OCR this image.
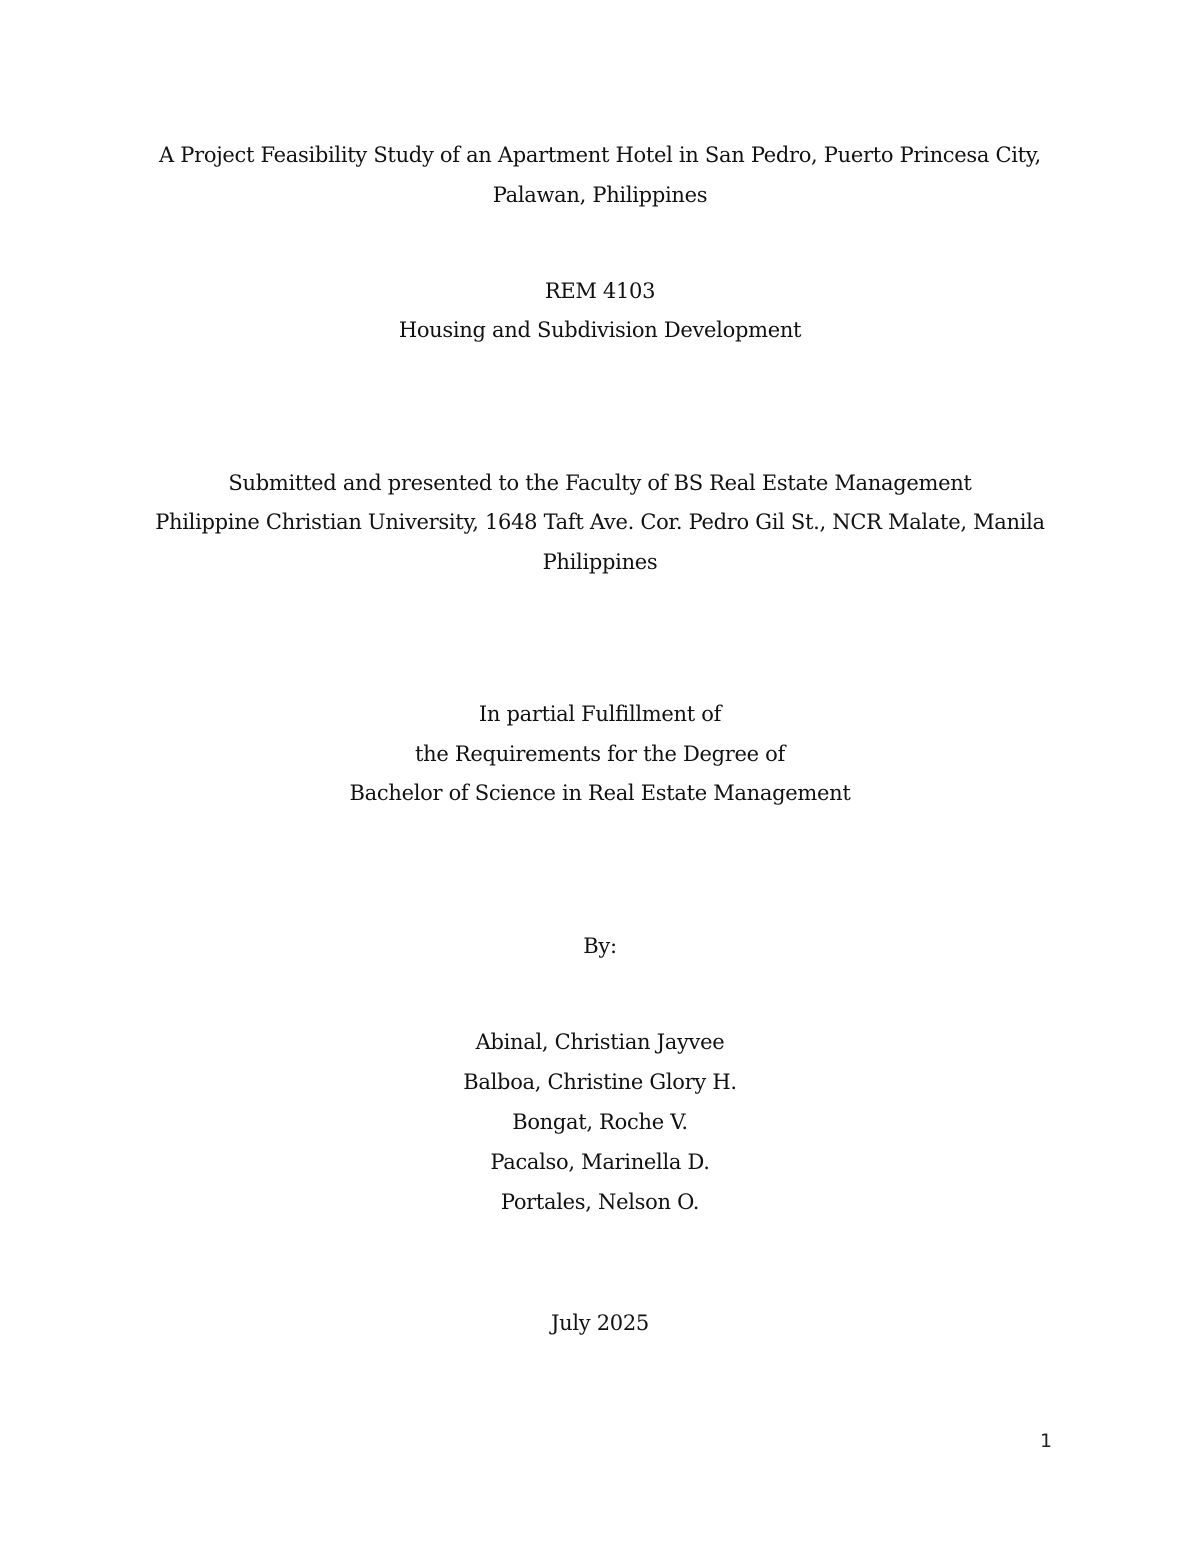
A Project Feasibility Study of an Apartment Hotel in San Pedro, Puerto Princesa City,
Palawan, Philippines
REM 4103
Housing and Subdivision Development
Submitted and presented to the Faculty of BS Real Estate Management
Philippine Christian University, 1648 Taft Ave. Cor. Pedro Gil St., NCR Malate, Manila
Philippines
In partial Fulfillment of
the Requirements for the Degree of
Bachelor of Science in Real Estate Management
By:
Abinal, Christian Jayvee
Balboa, Christine Glory H.
Bongat, Roche V.
Pacalso, Marinella D.
Portales, Nelson O.
July 2025
1
